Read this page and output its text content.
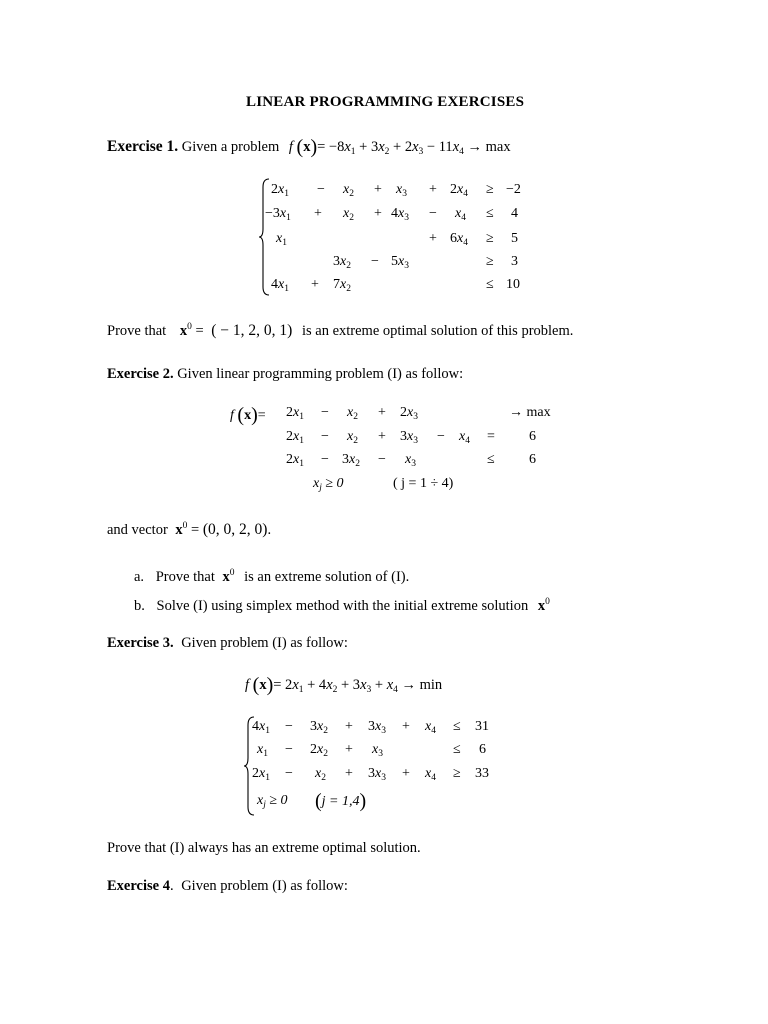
LINEAR PROGRAMMING EXERCISES
Exercise 1. Given a problem f $(x)= -8x_1 + 3x_2 + 2x_3 - 11x_4 \to \max$
$2x_1 - x_2 + x_3 + 2x_4 \ge -2$
$-3x_1 + x_2 + 4x_3 - x_4 \le 4$
$x_1$	+ $6x_4 \ge 5$
$3x_2 - 5x_3$	≥ 3
$4x_1 + 7x_2$	≤ 10
Prove that $x^0$ = ( − 1, 2, 0, 1) is an extreme optimal solution of this problem.
Exercise 2. Given linear programming problem (I) as follow:
f $(x)= 2x_1 - x_2 + 2x_3$	→ max
$2x_1 - x_2 + 3x_3 - x_4 = 6$
$2x_1 - 3x_2 - x_3$	≤ 6
$x_j \ge 0$	( j = 1 ÷ 4)
and vector $x^0 = (0$, 0, 2, 0).
a. Prove that $x^0$ is an extreme solution of (I).
b. Solve (I) using simplex method with the initial extreme solution $x^0$
Exercise 3. Given problem (I) as follow:
f $(x)= 2x_1 + 4x_2 + 3x_3 + x_4 \to \min$
$4x_1 - 3x_2 + 3x_3 + x_4 \le 31$
$x_1 - 2x_2 + x_3$	≤ 6
$2x_1 - x_2 + 3x_3 + x_4 \ge 33$
$x_j \ge 0$ (j = 1,4)
Prove that (I) always has an extreme optimal solution.
Exercise 4. Given problem (I) as follow:
